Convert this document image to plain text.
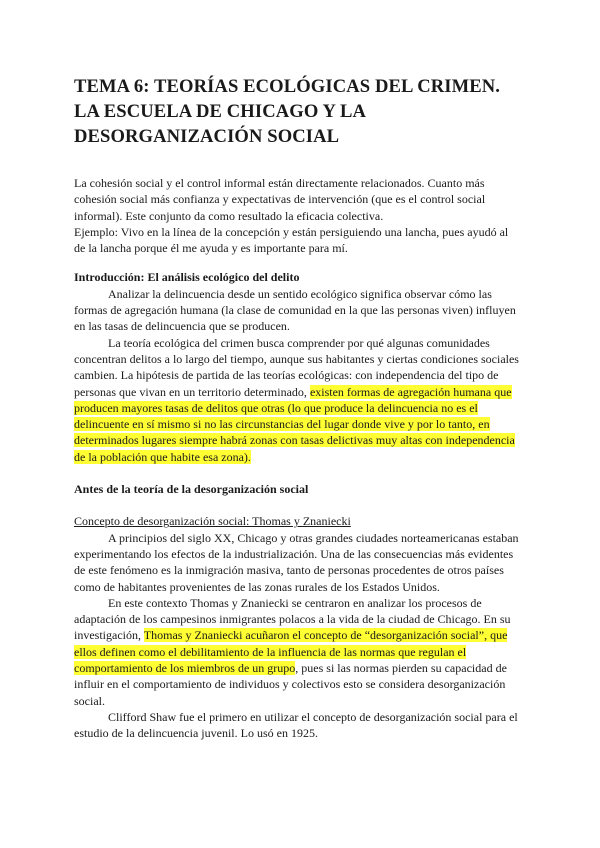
TEMA 6: TEORÍAS ECOLÓGICAS DEL CRIMEN. LA ESCUELA DE CHICAGO Y LA DESORGANIZACIÓN SOCIAL

La cohesión social y el control informal están directamente relacionados. Cuanto más cohesión social más confianza y expectativas de intervención (que es el control social informal). Este conjunto da como resultado la eficacia colectiva.

Ejemplo: Vivo en la línea de la concepción y están persiguiendo una lancha, pues ayudó al de la lancha porque él me ayuda y es importante para mí.

Introducción: El análisis ecológico del delito

Analizar la delincuencia desde un sentido ecológico significa observar cómo las formas de agregación humana (la clase de comunidad en la que las personas viven) influyen en las tasas de delincuencia que se producen.

La teoría ecológica del crimen busca comprender por qué algunas comunidades concentran delitos a lo largo del tiempo, aunque sus habitantes y ciertas condiciones sociales cambien. La hipótesis de partida de las teorías ecológicas: con independencia del tipo de personas que vivan en un territorio determinado, existen formas de agregación humana que producen mayores tasas de delitos que otras (lo que produce la delincuencia no es el delincuente en sí mismo si no las circunstancias del lugar donde vive y por lo tanto, en determinados lugares siempre habrá zonas con tasas delictivas muy altas con independencia de la población que habite esa zona).

Antes de la teoría de la desorganización social

Concepto de desorganización social: Thomas y Znaniecki

A principios del siglo XX, Chicago y otras grandes ciudades norteamericanas estaban experimentando los efectos de la industrialización. Una de las consecuencias más evidentes de este fenómeno es la inmigración masiva, tanto de personas procedentes de otros países como de habitantes provenientes de las zonas rurales de los Estados Unidos.

En este contexto Thomas y Znaniecki se centraron en analizar los procesos de adaptación de los campesinos inmigrantes polacos a la vida de la ciudad de Chicago. En su investigación, Thomas y Znaniecki acuñaron el concepto de “desorganización social”, que ellos definen como el debilitamiento de la influencia de las normas que regulan el comportamiento de los miembros de un grupo, pues si las normas pierden su capacidad de influir en el comportamiento de individuos y colectivos esto se considera desorganización social.

Clifford Shaw fue el primero en utilizar el concepto de desorganización social para el estudio de la delincuencia juvenil. Lo usó en 1925.
